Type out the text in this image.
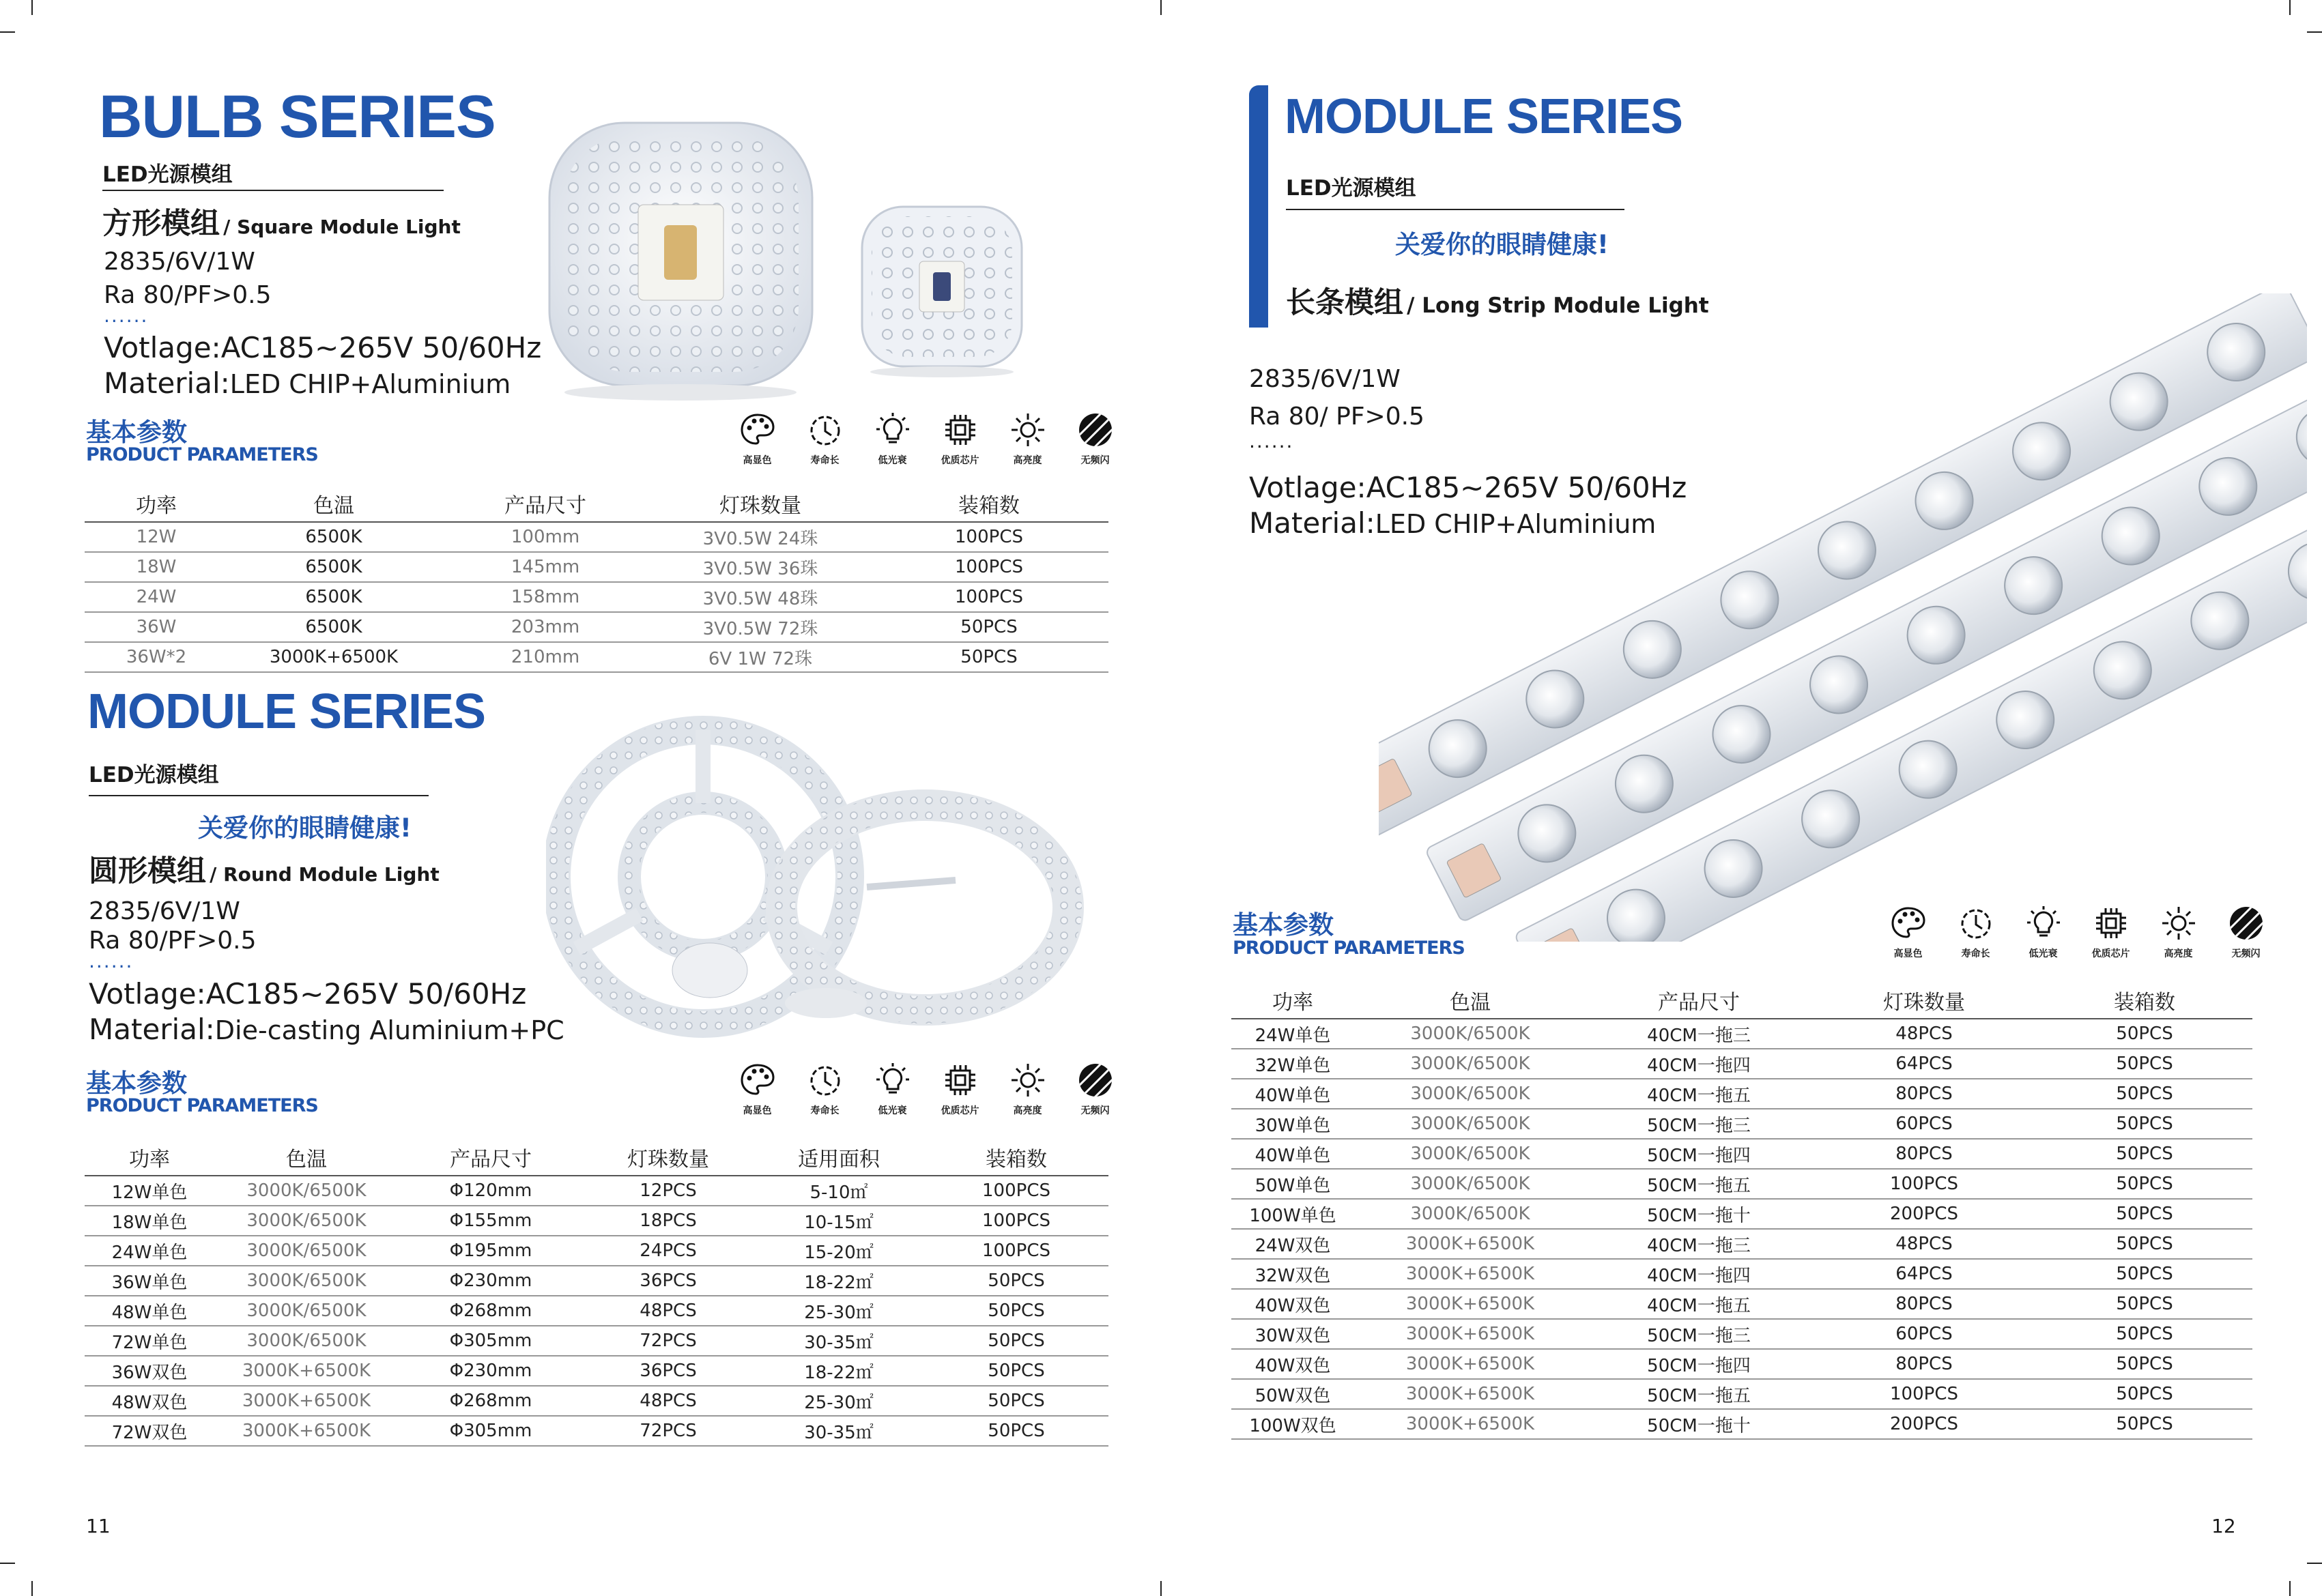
BULB SERIES
LED光源模组
方形模组 / Square Module Light
2835/6V/1W
Ra 80/PF>0.5
......
Votlage:AC185~265V 50/60Hz
Material:LED CHIP+Aluminium
基本参数
PRODUCT PARAMETERS	高显色	寿命长	低光衰	优质芯片	高亮度	无频闪
功率	色温	产品尺寸	灯珠数量	装箱数
12W	6500K	100mm	3V0.5W 24珠	100PCS
18W	6500K	145mm	3V0.5W 36珠	100PCS
24W	6500K	158mm	3V0.5W 48珠	100PCS
36W	6500K	203mm	3V0.5W 72珠	50PCS
36W*2	3000K+6500K	210mm	6V 1W 72珠	50PCS
MODULE SERIES
LED光源模组
关爱你的眼睛健康!
圆形模组 / Round Module Light
2835/6V/1W
Ra 80/PF>0.5
......
Votlage:AC185~265V 50/60Hz
Material:Die-casting Aluminium+PC
基本参数
PRODUCT PARAMETERS	高显色	寿命长	低光衰	优质芯片	高亮度	无频闪
功率	色温	产品尺寸	灯珠数量	适用面积	装箱数
12W单色	3000K/6500K	Φ120mm	12PCS	5-10㎡	100PCS
18W单色	3000K/6500K	Φ155mm	18PCS	10-15㎡	100PCS
24W单色	3000K/6500K	Φ195mm	24PCS	15-20㎡	100PCS
36W单色	3000K/6500K	Φ230mm	36PCS	18-22㎡	50PCS
48W单色	3000K/6500K	Φ268mm	48PCS	25-30㎡	50PCS
72W单色	3000K/6500K	Φ305mm	72PCS	30-35㎡	50PCS
36W双色	3000K+6500K	Φ230mm	36PCS	18-22㎡	50PCS
48W双色	3000K+6500K	Φ268mm	48PCS	25-30㎡	50PCS
72W双色	3000K+6500K	Φ305mm	72PCS	30-35㎡	50PCS
11
MODULE SERIES
LED光源模组
关爱你的眼睛健康!
长条模组 / Long Strip Module Light
2835/6V/1W
Ra 80/ PF>0.5
......
Votlage:AC185~265V 50/60Hz
Material:LED CHIP+Aluminium
基本参数
PRODUCT PARAMETERS	高显色	寿命长	低光衰	优质芯片	高亮度	无频闪
功率	色温	产品尺寸	灯珠数量	装箱数
24W单色	3000K/6500K	40CM一拖三	48PCS	50PCS
32W单色	3000K/6500K	40CM一拖四	64PCS	50PCS
40W单色	3000K/6500K	40CM一拖五	80PCS	50PCS
30W单色	3000K/6500K	50CM一拖三	60PCS	50PCS
40W单色	3000K/6500K	50CM一拖四	80PCS	50PCS
50W单色	3000K/6500K	50CM一拖五	100PCS	50PCS
100W单色	3000K/6500K	50CM一拖十	200PCS	50PCS
24W双色	3000K+6500K	40CM一拖三	48PCS	50PCS
32W双色	3000K+6500K	40CM一拖四	64PCS	50PCS
40W双色	3000K+6500K	40CM一拖五	80PCS	50PCS
30W双色	3000K+6500K	50CM一拖三	60PCS	50PCS
40W双色	3000K+6500K	50CM一拖四	80PCS	50PCS
50W双色	3000K+6500K	50CM一拖五	100PCS	50PCS
100W双色	3000K+6500K	50CM一拖十	200PCS	50PCS
12
